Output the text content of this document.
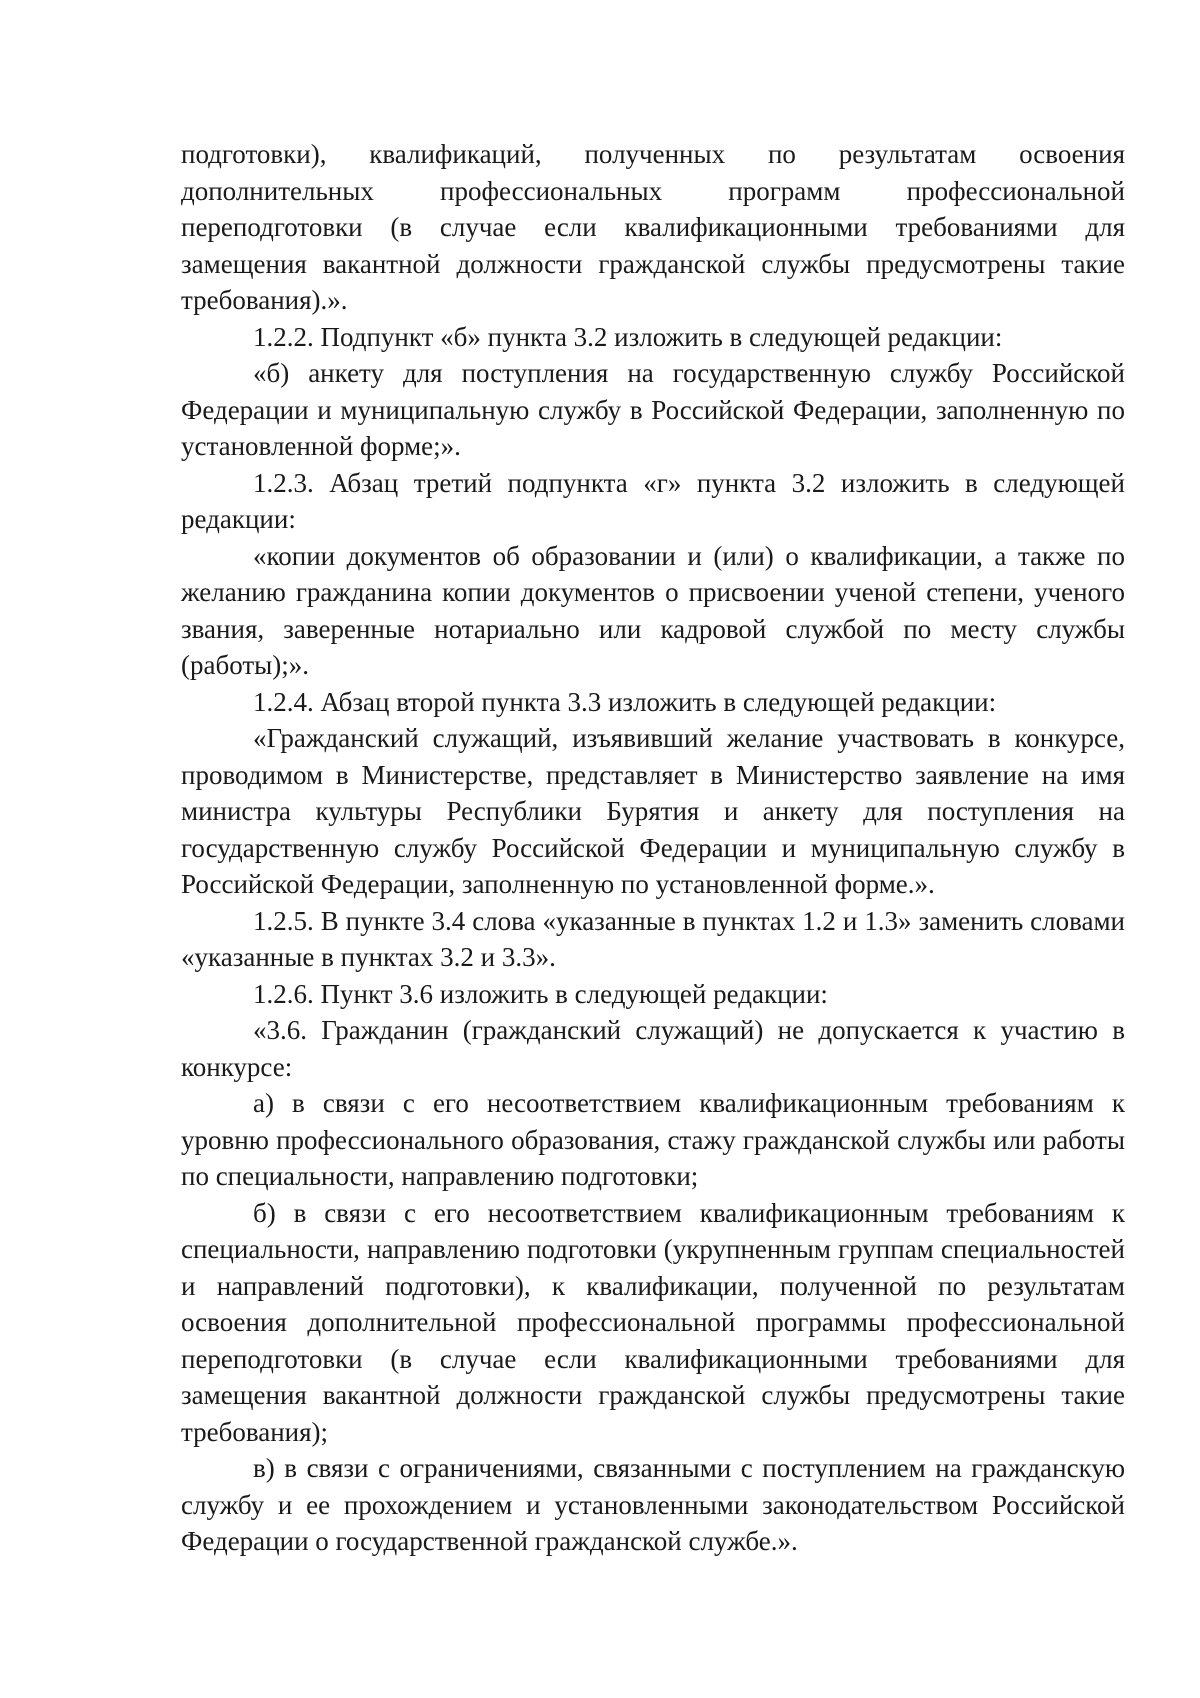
подготовки), квалификаций, полученных по результатам освоения дополнительных профессиональных программ профессиональной переподготовки (в случае если квалификационными требованиями для замещения вакантной должности гражданской службы предусмотрены такие требования).».

1.2.2. Подпункт «б» пункта 3.2 изложить в следующей редакции:

«б) анкету для поступления на государственную службу Российской Федерации и муниципальную службу в Российской Федерации, заполненную по установленной форме;».

1.2.3. Абзац третий подпункта «г» пункта 3.2 изложить в следующей редакции:

«копии документов об образовании и (или) о квалификации, а также по желанию гражданина копии документов о присвоении ученой степени, ученого звания, заверенные нотариально или кадровой службой по месту службы (работы);».

1.2.4. Абзац второй пункта 3.3 изложить в следующей редакции:

«Гражданский служащий, изъявивший желание участвовать в конкурсе, проводимом в Министерстве, представляет в Министерство заявление на имя министра культуры Республики Бурятия и анкету для поступления на государственную службу Российской Федерации и муниципальную службу в Российской Федерации, заполненную по установленной форме.».

1.2.5. В пункте 3.4 слова «указанные в пунктах 1.2 и 1.3» заменить словами «указанные в пунктах 3.2 и 3.3».

1.2.6. Пункт 3.6 изложить в следующей редакции:

«3.6. Гражданин (гражданский служащий) не допускается к участию в конкурсе:

а) в связи с его несоответствием квалификационным требованиям к уровню профессионального образования, стажу гражданской службы или работы по специальности, направлению подготовки;

б) в связи с его несоответствием квалификационным требованиям к специальности, направлению подготовки (укрупненным группам специальностей и направлений подготовки), к квалификации, полученной по результатам освоения дополнительной профессиональной программы профессиональной переподготовки (в случае если квалификационными требованиями для замещения вакантной должности гражданской службы предусмотрены такие требования);

в) в связи с ограничениями, связанными с поступлением на гражданскую службу и ее прохождением и установленными законодательством Российской Федерации о государственной гражданской службе.».
